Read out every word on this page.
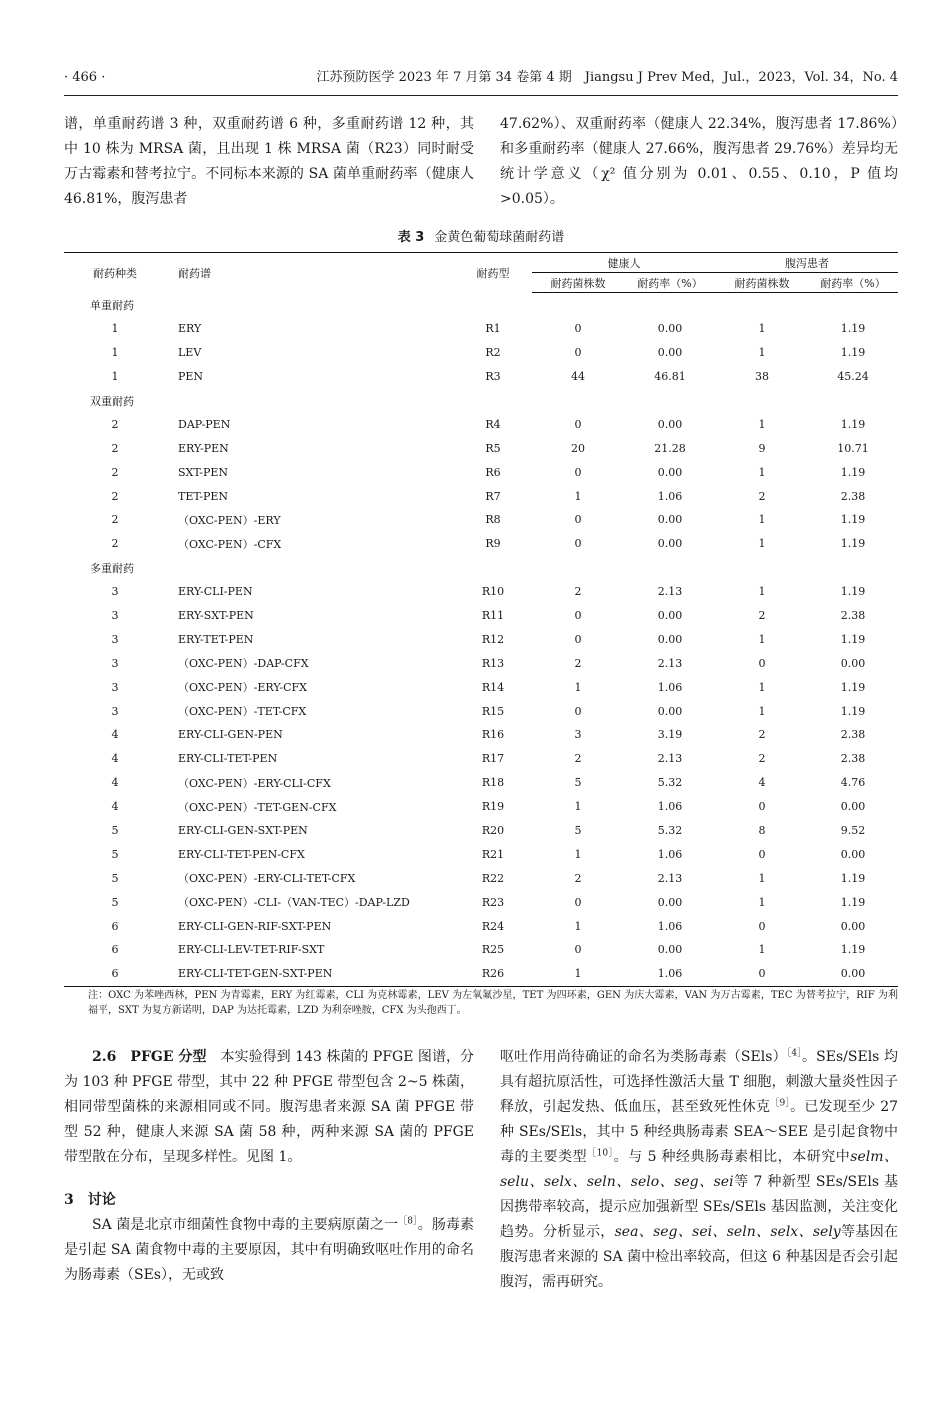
· 466 ·	江苏预防医学 2023 年 7 月第 34 卷第 4 期　Jiangsu J Prev Med，Jul.，2023，Vol. 34，No. 4

谱，单重耐药谱 3 种，双重耐药谱 6 种，多重耐药谱 12 种，其中 10 株为 MRSA 菌，且出现 1 株 MRSA 菌（R23）同时耐受万古霉素和替考拉宁。不同标本来源的 SA 菌单重耐药率（健康人 46.81%，腹泻患者

47.62%）、双重耐药率（健康人 22.34%，腹泻患者 17.86%）和多重耐药率（健康人 27.66%，腹泻患者 29.76%）差异均无统计学意义（χ² 值分别为 0.01、0.55、0.10，P 值均>0.05）。

表 3 金黄色葡萄球菌耐药谱
耐药种类	耐药谱	耐药型	健康人		腹泻患者	
			耐药菌株数	耐药率（%）	耐药菌株数	耐药率（%）
单重耐药						
1	ERY	R1	0	0.00	1	1.19
1	LEV	R2	0	0.00	1	1.19
1	PEN	R3	44	46.81	38	45.24
双重耐药						
2	DAP-PEN	R4	0	0.00	1	1.19
2	ERY-PEN	R5	20	21.28	9	10.71
2	SXT-PEN	R6	0	0.00	1	1.19
2	TET-PEN	R7	1	1.06	2	2.38
2	（OXC-PEN）-ERY	R8	0	0.00	1	1.19
2	（OXC-PEN）-CFX	R9	0	0.00	1	1.19
多重耐药						
3	ERY-CLI-PEN	R10	2	2.13	1	1.19
3	ERY-SXT-PEN	R11	0	0.00	2	2.38
3	ERY-TET-PEN	R12	0	0.00	1	1.19
3	（OXC-PEN）-DAP-CFX	R13	2	2.13	0	0.00
3	（OXC-PEN）-ERY-CFX	R14	1	1.06	1	1.19
3	（OXC-PEN）-TET-CFX	R15	0	0.00	1	1.19
4	ERY-CLI-GEN-PEN	R16	3	3.19	2	2.38
4	ERY-CLI-TET-PEN	R17	2	2.13	2	2.38
4	（OXC-PEN）-ERY-CLI-CFX	R18	5	5.32	4	4.76
4	（OXC-PEN）-TET-GEN-CFX	R19	1	1.06	0	0.00
5	ERY-CLI-GEN-SXT-PEN	R20	5	5.32	8	9.52
5	ERY-CLI-TET-PEN-CFX	R21	1	1.06	0	0.00
5	（OXC-PEN）-ERY-CLI-TET-CFX	R22	2	2.13	1	1.19
5	（OXC-PEN）-CLI-（VAN-TEC）-DAP-LZD	R23	0	0.00	1	1.19
6	ERY-CLI-GEN-RIF-SXT-PEN	R24	1	1.06	0	0.00
6	ERY-CLI-LEV-TET-RIF-SXT	R25	0	0.00	1	1.19
6	ERY-CLI-TET-GEN-SXT-PEN	R26	1	1.06	0	0.00
注：OXC 为苯唑西林，PEN 为青霉素，ERY 为红霉素，CLI 为克林霉素，LEV 为左氧氟沙星，TET 为四环素，GEN 为庆大霉素，VAN 为万古霉素，TEC 为替考拉宁，RIF 为利福平，SXT 为复方新诺明，DAP 为达托霉素，LZD 为利奈唑胺，CFX 为头孢西丁。

2.6　PFGE 分型　 本实验得到 143 株菌的 PFGE 图谱，分为 103 种 PFGE 带型，其中 22 种 PFGE 带型包含 2~5 株菌，相同带型菌株的来源相同或不同。腹泻患者来源 SA 菌 PFGE 带型 52 种，健康人来源 SA 菌 58 种，两种来源 SA 菌的 PFGE 带型散在分布，呈现多样性。见图 1。

3　讨论

SA 菌是北京市细菌性食物中毒的主要病原菌之一$^{[8]}$。肠毒素是引起 SA 菌食物中毒的主要原因，其中有明确致呕吐作用的命名为肠毒素（SEs），无或致

呕吐作用尚待确证的命名为类肠毒素（SEls）$^{[4]}$。SEs/SEls 均具有超抗原活性，可选择性激活大量 T 细胞，刺激大量炎性因子释放，引起发热、低血压，甚至致死性休克$^{[9]}$。已发现至少 27 种 SEs/SEls，其中 5 种经典肠毒素 SEA～SEE 是引起食物中毒的主要类型$^{[10]}$。与 5 种经典肠毒素相比，本研究中selm、selu、selx、seln、selo、seg、sei等 7 种新型 SEs/SEls 基因携带率较高，提示应加强新型 SEs/SEls 基因监测，关注变化趋势。分析显示，sea、seg、sei、seln、selx、sely等基因在腹泻患者来源的 SA 菌中检出率较高，但这 6 种基因是否会引起腹泻，需再研究。
